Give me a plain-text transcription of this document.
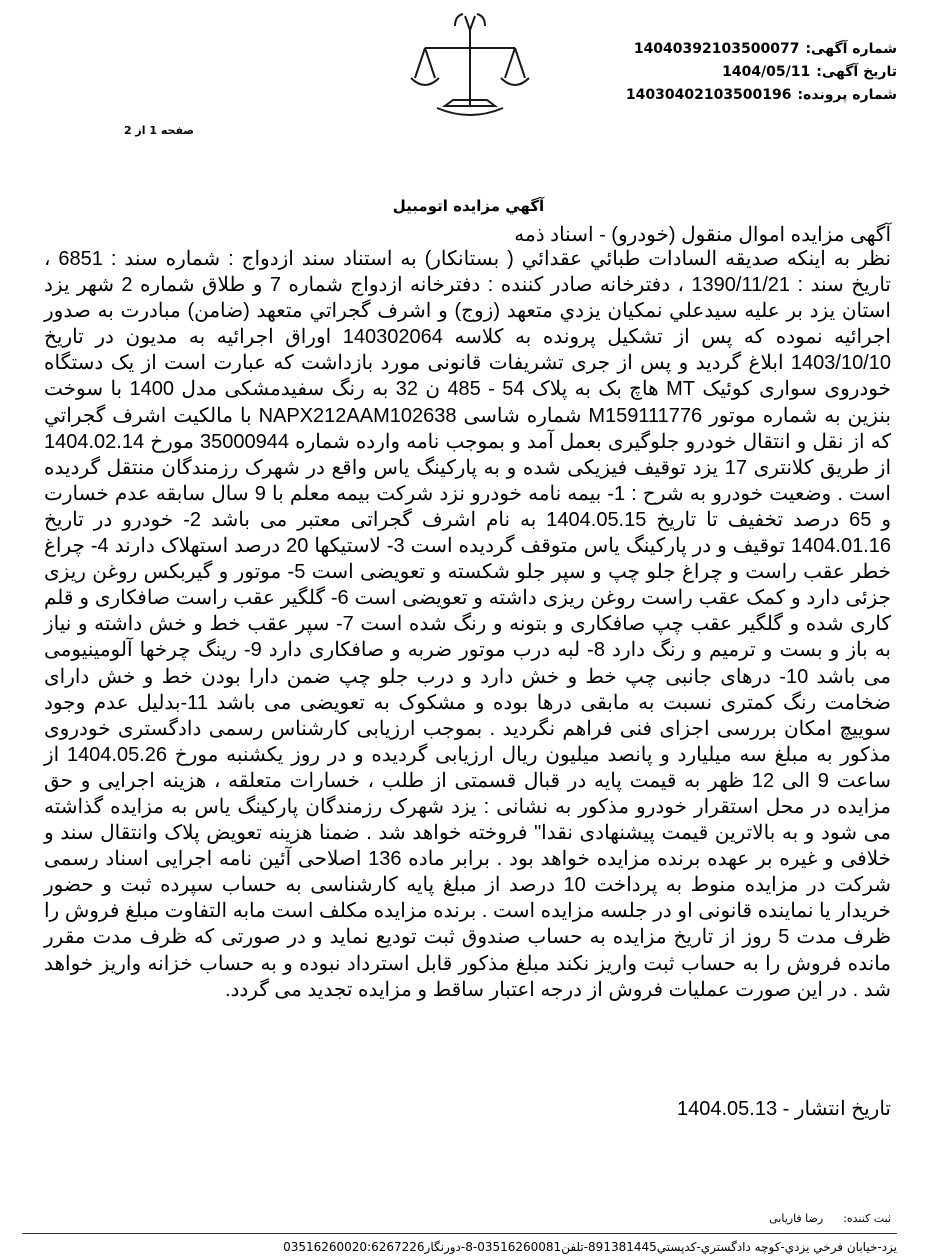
شماره آگهی:
14040392103500077
تاریخ آگهی:
1404/05/11
شماره پرونده:
14030402103500196
صفحه 1 از 2
آگهي مزايده اتومبيل
آگهی مزایده اموال منقول (خودرو) - اسناد ذمه
نظر به اینکه صدیقه السادات طبائي عقدائي ( بستانکار) به استناد سند ازدواج : شماره سند : 6851 ، تاریخ سند : 1390/11/21 ، دفترخانه صادر کننده : دفترخانه ازدواج شماره 7 و طلاق شماره 2 شهر یزد استان یزد بر علیه سیدعلي نمکیان یزدي متعهد (زوج) و اشرف گجراتي متعهد (ضامن) مبادرت به صدور اجرائیه نموده که پس از تشکیل پرونده به کلاسه 140302064 اوراق اجرائیه به مدیون در تاریخ 1403/10/10 ابلاغ گردید و پس از جری تشریفات قانونی مورد بازداشت که عبارت است از یک دستگاه خودروی سواری کوئیک MT هاچ بک به پلاک 54 - 485 ن 32 به رنگ سفیدمشکی مدل 1400 با سوخت بنزین به شماره موتور M159111776 شماره شاسی NAPX212AAM102638 با مالکیت اشرف گجراتي که از نقل و انتقال خودرو جلوگیری بعمل آمد و بموجب نامه وارده شماره 35000944 مورخ 1404.02.14 از طریق کلانتری 17 یزد توقیف فیزیکی شده و به پارکینگ یاس واقع در شهرک رزمندگان منتقل گردیده است . وضعیت خودرو به شرح : 1- بیمه نامه خودرو نزد شرکت بیمه معلم با 9 سال سابقه عدم خسارت و 65 درصد تخفیف تا تاریخ 1404.05.15 به نام اشرف گجراتی معتبر می باشد 2- خودرو در تاریخ 1404.01.16 توقیف و در پارکینگ یاس متوقف گردیده است 3- لاستیکها 20 درصد استهلاک دارند 4- چراغ خطر عقب راست و چراغ جلو چپ و سپر جلو شکسته و تعویضی است 5- موتور و گیربکس روغن ریزی جزئی دارد و کمک عقب راست روغن ریزی داشته و تعویضی است 6- گلگیر عقب راست صافکاری و قلم کاری شده و گلگیر عقب چپ صافکاری و بتونه و رنگ شده است 7- سپر عقب خط و خش داشته و نیاز به باز و بست و ترمیم و رنگ دارد 8- لبه درب موتور ضربه و صافکاری دارد 9- رینگ چرخها آلومینیومی می باشد 10- درهای جانبی چپ خط و خش دارد و درب جلو چپ ضمن دارا بودن خط و خش دارای ضخامت رنگ کمتری نسبت به مابقی درها بوده و مشکوک به تعویضی می باشد 11-بدلیل عدم وجود سوییچ امکان بررسی اجزای فنی فراهم نگردید . بموجب ارزیابی کارشناس رسمی دادگستری خودروی مذکور به مبلغ سه میلیارد و پانصد میلیون ریال ارزیابی گردیده و در روز یکشنبه مورخ 1404.05.26 از ساعت 9 الی 12 ظهر به قیمت پایه در قبال قسمتی از طلب ، خسارات متعلقه ، هزینه اجرایی و حق مزایده در محل استقرار خودرو مذکور به نشانی : یزد شهرک رزمندگان پارکینگ یاس به مزایده گذاشته می شود و به بالاترین قیمت پیشنهادی نقدا" فروخته خواهد شد . ضمنا هزینه تعویض پلاک وانتقال سند و خلافی و غیره بر عهده برنده مزایده خواهد بود . برابر ماده 136 اصلاحی آئین نامه اجرایی اسناد رسمی شرکت در مزایده منوط به پرداخت 10 درصد از مبلغ پایه کارشناسی به حساب سپرده ثبت و حضور خریدار یا نماینده قانونی او در جلسه مزایده است . برنده مزایده مکلف است مابه التفاوت مبلغ فروش را ظرف مدت 5 روز از تاریخ مزایده به حساب صندوق ثبت تودیع نماید و در صورتی که ظرف مدت مقرر مانده فروش را به حساب ثبت واریز نکند مبلغ مذکور قابل استرداد نبوده و به حساب خزانه واریز خواهد شد . در این صورت عملیات فروش از درجه اعتبار ساقط و مزایده تجدید می گردد.
تاریخ انتشار - 1404.05.13
ثبت کننده:
رضا فاریابی
يزد-خيابان فرخي يزدي-کوچه دادگستري-کدپستي891381445-تلفن03516260081-8-دورنگار03516260020:6267226
